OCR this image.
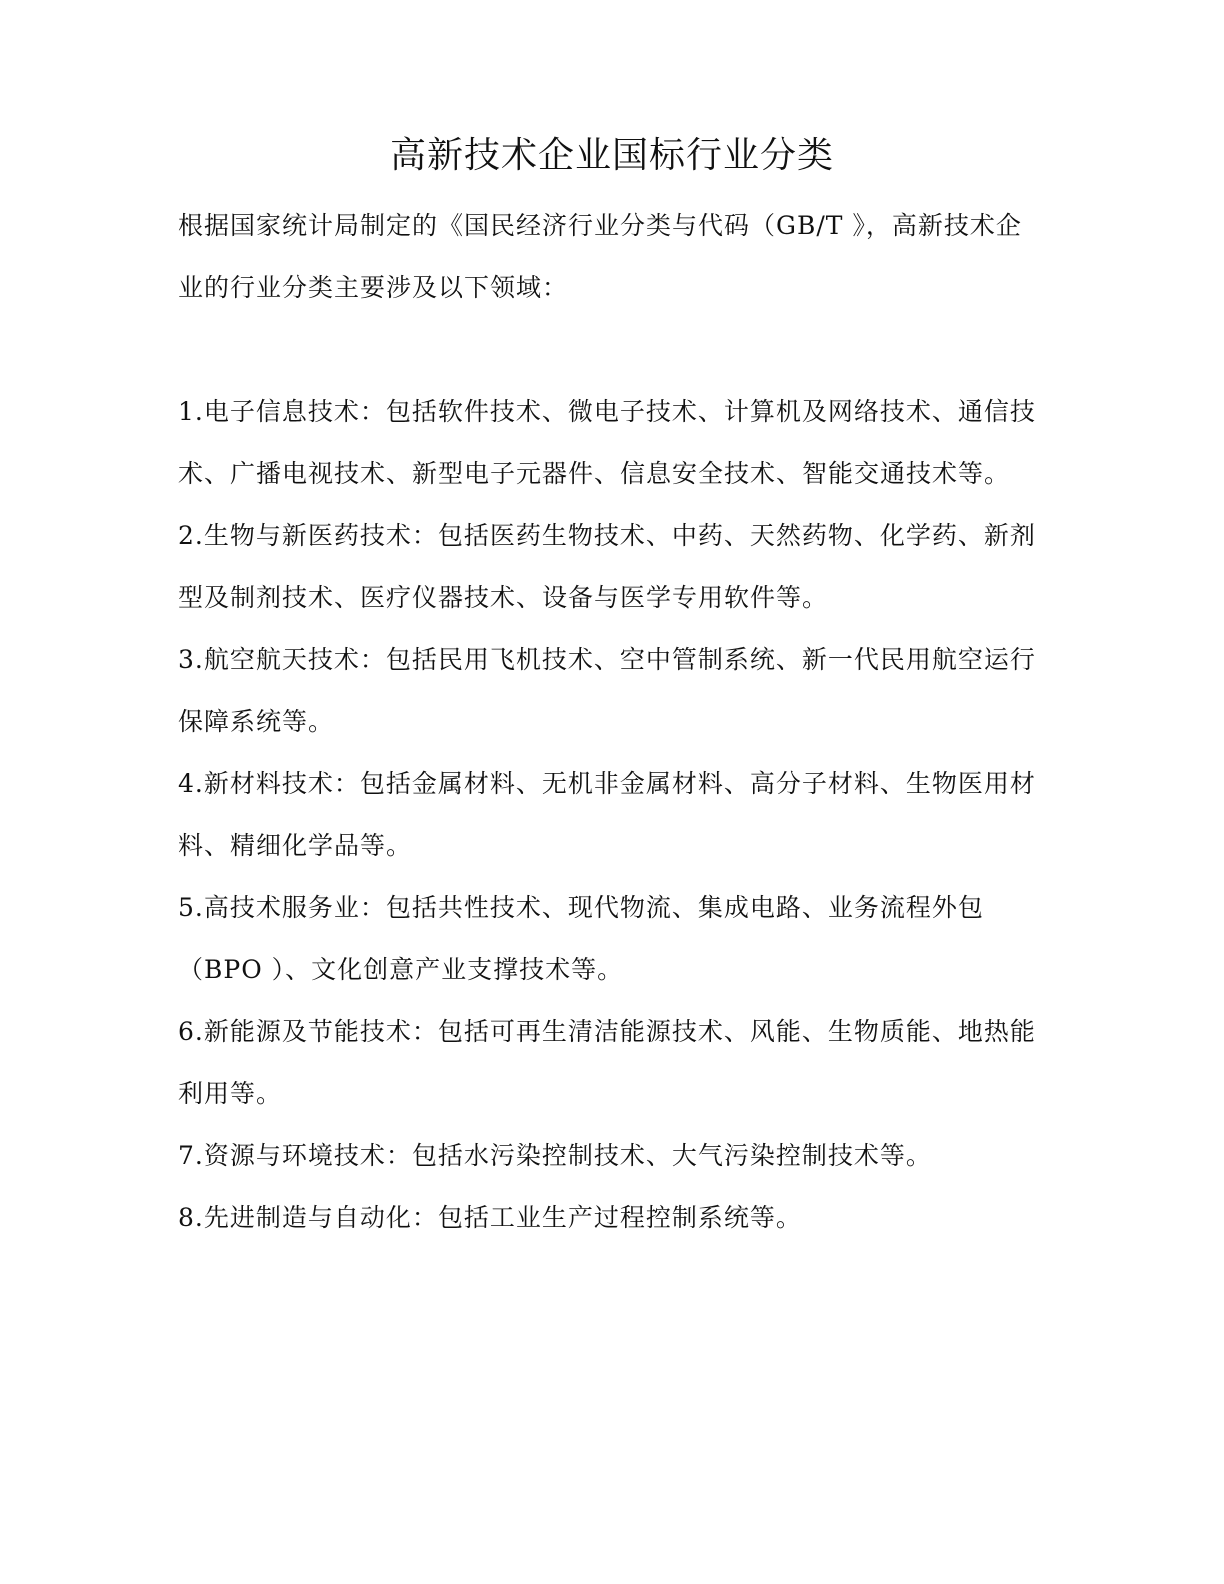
高新技术企业国标行业分类

根据国家统计局制定的《国民经济行业分类与代码（GB/T 》，高新技术企业的行业分类主要涉及以下领域：

1.电子信息技术：包括软件技术、微电子技术、计算机及网络技术、通信技术、广播电视技术、新型电子元器件、信息安全技术、智能交通技术等。
2.生物与新医药技术：包括医药生物技术、中药、天然药物、化学药、新剂型及制剂技术、医疗仪器技术、设备与医学专用软件等。
3.航空航天技术：包括民用飞机技术、空中管制系统、新一代民用航空运行保障系统等。
4.新材料技术：包括金属材料、无机非金属材料、高分子材料、生物医用材料、精细化学品等。
5.高技术服务业：包括共性技术、现代物流、集成电路、业务流程外包（BPO ）、文化创意产业支撑技术等。
6.新能源及节能技术：包括可再生清洁能源技术、风能、生物质能、地热能利用等。
7.资源与环境技术：包括水污染控制技术、大气污染控制技术等。
8.先进制造与自动化：包括工业生产过程控制系统等。
